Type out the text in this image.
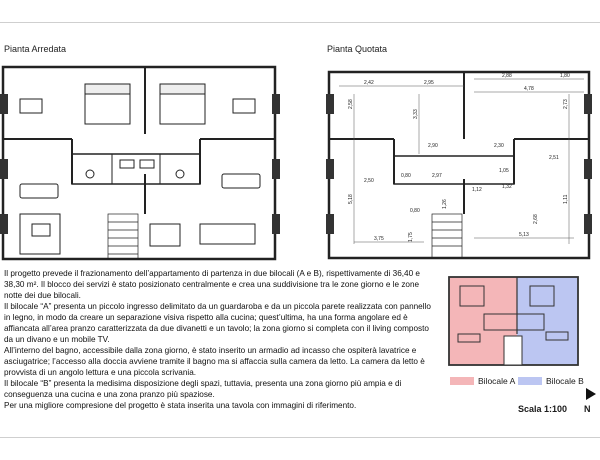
Pianta Arredata	Pianta Quotata
2,42	2,95
2,88	1,80
4,78
2,58
3,33
2,73
2,90	2,30
0,80	2,97
1,05
2,51
2,50
1,12	1,32
5,18
1,26	1,11
0,80
2,68
1,75
3,75
5,13

Il progetto prevede il frazionamento dell’appartamento di partenza in due bilocali (A e B), rispettivamente di 36,40 e 38,30 m². Il blocco dei servizi è stato posizionato centralmente e crea una suddivisione tra le zone giorno e le zone notte dei due bilocali.

Il bilocale “A” presenta un piccolo ingresso delimitato da un guardaroba e da un piccola parete realizzata con pannello in legno, in modo da creare un separazione visiva rispetto alla cucina; quest’ultima, ha una forma angolare ed è affiancata all’area pranzo caratterizzata da due divanetti e un tavolo; la zona giorno si completa con il living composto da un divano e un mobile TV.

All’interno del bagno, accessibile dalla zona giorno, è stato inserito un armadio ad incasso che ospiterà lavatrice e asciugatrice; l’accesso alla doccia avviene tramite il bagno ma si affaccia sulla camera da letto. La camera da letto è provvista di un angolo lettura e una piccola scrivania.

Il bilocale “B” presenta la medisima disposizione degli spazi, tuttavia, presenta una zona giorno più ampia e di conseguenza una cucina e una zona pranzo più spaziose.

Per una migliore compresione del progetto è stata inserita una tavola con immagini di riferimento.

Bilocale A	Bilocale B
Scala 1:100 N
